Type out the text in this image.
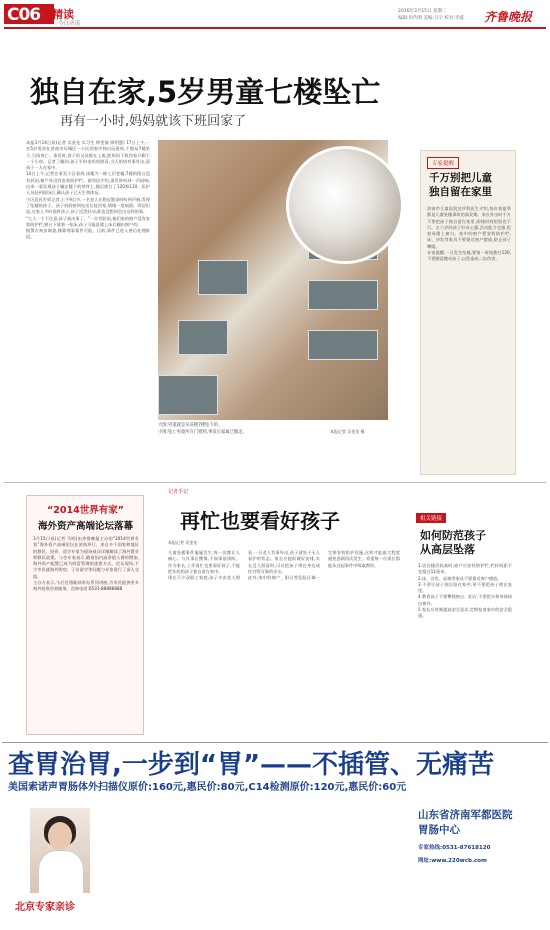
C06	精读
今日济南
2016年3月15日 星期二
编辑:彭传明 美编:马宇 校对:李鑫	齐鲁晚报
独自在家,5岁男童七楼坠亡
再有一小时,妈妈就该下班回家了
本报3月14日讯(记者 吴金龙 实习生 徐雯倩 徐明慧) 17日上午,一名5岁男孩在济南市历城区一小区的家中独自玩耍时,不慎从7楼坠下,当场身亡。事发时,孩子的父母都在上班,距妈妈下班回家只剩下一个小时。记者了解到,孩子平时由奶奶照看,当天奶奶有事外出,留孩子一人在家中。
14日上午,记者在事发小区看到,该楼为一栋七层老楼,7楼的阳台没有封闭,窗户外没有安装防护栏。据邻居介绍,事发时听到一声闷响,出来一看发现孩子躺在楼下的草坪上,随后拨打了120和110。医护人员赶到现场后,确认孩子已无生命体征。
小区居民告诉记者,上午9点多,一名老人在附近散步时听到声响,发现了坠楼的孩子。孩子妈妈接到电话后赶回家,情绪一度崩溃。邻居们说,这家人平时很疼孩子,孩子活泼好动,谁也没想到会出这样的事。
"大人一个不注意,孩子就出事了。"一位邻居说,他们家的窗户没有安装防护栏,窗台下放着一张床,孩子可能是爬上床后翻出窗户的。
据警方初步调查,排除刑事案件可能。目前,事件已进入善后处理阶段。
大图:男童就是从该楼7楼坠下的。
小图:坠亡男童所在门窗照,事发后家属已撤走。	本报记者 吴金龙 摄
专家提醒
千万别把儿童
独自留在家里
济南市儿童医院急诊科医生介绍,每年春夏季都是儿童坠楼事故的高发期。家长外出时千万不要把孩子独自留在家里,即使时间很短也不行。五六岁的孩子好奇心强,活动能力也强,很容易爬上窗台。家中的窗户要安装防护栏,床、沙发等家具不要靠近窗户摆放,防止孩子攀爬。
专家提醒,一旦发生坠楼,要第一时间拨打120,不要随意搬动孩子,以免造成二次伤害。
“2014世界有家”
海外资产高端论坛落幕
3月15日讯(记者 马明)由齐鲁晚报主办的“2014世界有家”海外资产高端论坛在济南举行。来自多个国家和地区的移民、投资、留学专家为现场观众详细解读了海外置业和移民政策。与会专家表示,随着国内高净值人群的增加,海外资产配置已成为财富管理的重要方式。论坛现场,不少市民就海外购房、子女留学等问题与专家进行了深入交流。
主办方表示,今后还将陆续举办系列讲座,为市民提供更多海外投资咨询服务。咨询电话:0531-88888888
记者手记
再忙也要看好孩子
本报记者 吴金龙
儿童坠楼事件屡屡发生,每一次都让人痛心。与其事后懊悔,不如事前预防。作为家长,工作再忙也要看好孩子,不能把年幼的孩子独自留在家中。
现在不少双职工家庭,孩子多由老人照看,一旦老人有事外出,孩子就处于无人看护的状态。家长应提前做好安排,实在没人照看时,可以把孩子带在身边或托付给可靠的亲友。
此外,家中的窗户、阳台等危险区域一定要安装防护设施,这样才能最大程度避免悲剧再次发生。希望每一位家长都能从这起事件中吸取教训。
相关链接
如何防范孩子
从高层坠落
1.居住楼层较高时,窗户应安装防护栏,栏杆间距不宜超过11厘米。
2.床、沙发、桌椅等家具不要靠近窗户摆放。
3.不要让孩子独自留在家中,更不要把孩子锁在家里。
4.教育孩子不要攀爬窗台、阳台,不要把头和身体探出窗外。
5.家长应时刻提高安全意识,定期检查家中的安全隐患。
查胃治胃,一步到“胃”——不插管、无痛苦
美国索诺声胃肠体外扫描仪原价:160元,惠民价:80元,C14检测原价:120元,惠民价:60元
北京专家亲诊
山东省济南军都医院
胃肠中心
专家热线:0531-87618120
网址:www.220wcb.com
